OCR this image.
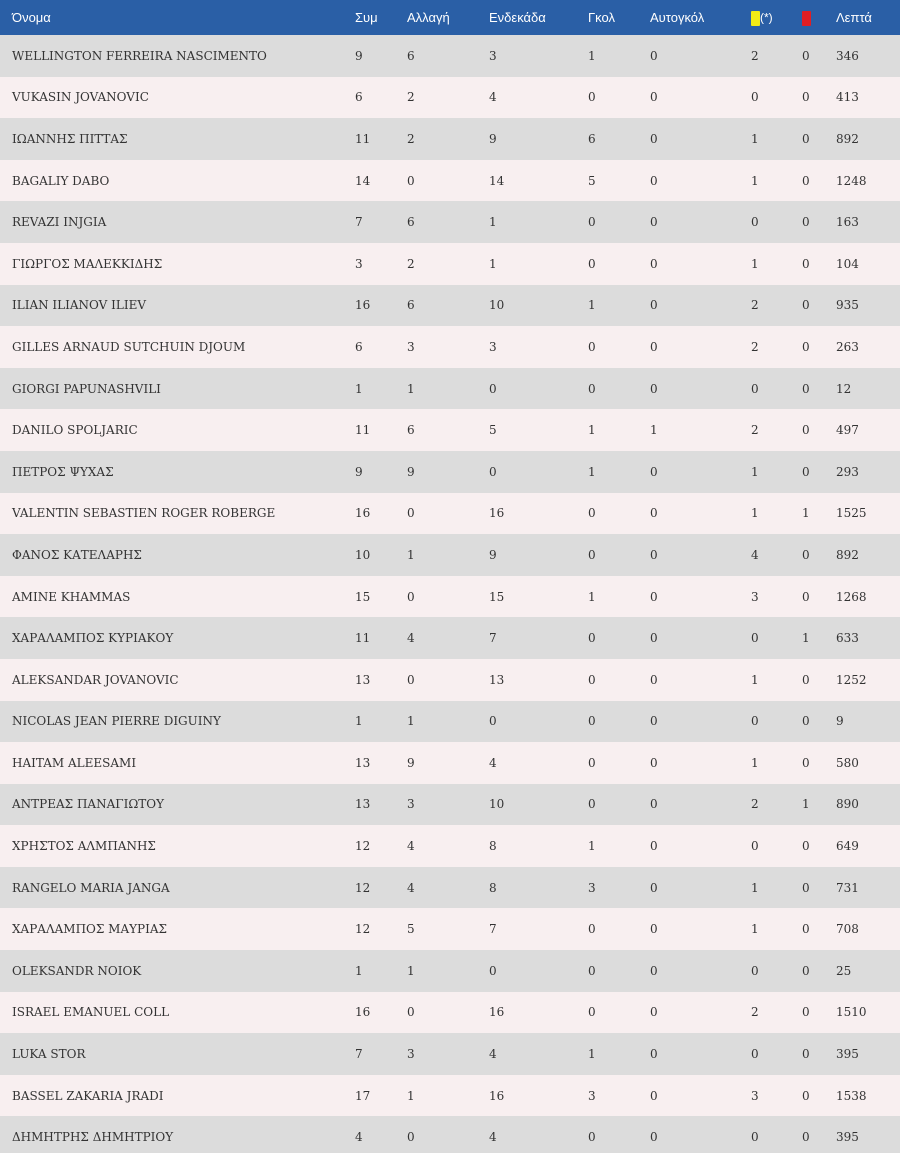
Όνομα	Συμ	Αλλαγή	Ενδεκάδα	Γκολ	Αυτογκόλ	(*)		Λεπτά
WELLINGTON FERREIRA NASCIMENTO	9	6	3	1	0	2	0	346
VUKASIN JOVANOVIC	6	2	4	0	0	0	0	413
ΙΩΑΝΝΗΣ ΠΙΤΤΑΣ	11	2	9	6	0	1	0	892
BAGALIY DABO	14	0	14	5	0	1	0	1248
REVAZI INJGIA	7	6	1	0	0	0	0	163
ΓΙΩΡΓΟΣ ΜΑΛΕΚΚΙΔΗΣ	3	2	1	0	0	1	0	104
ILIAN ILIANOV ILIEV	16	6	10	1	0	2	0	935
GILLES ARNAUD SUTCHUIN DJOUM	6	3	3	0	0	2	0	263
GIORGI PAPUNASHVILI	1	1	0	0	0	0	0	12
DANILO SPOLJARIC	11	6	5	1	1	2	0	497
ΠΕΤΡΟΣ ΨΥΧΑΣ	9	9	0	1	0	1	0	293
VALENTIN SEBASTIEN ROGER ROBERGE	16	0	16	0	0	1	1	1525
ΦΑΝΟΣ ΚΑΤΕΛΑΡΗΣ	10	1	9	0	0	4	0	892
AMINE KHAMMAS	15	0	15	1	0	3	0	1268
ΧΑΡΑΛΑΜΠΟΣ ΚΥΡΙΑΚΟΥ	11	4	7	0	0	0	1	633
ALEKSANDAR JOVANOVIC	13	0	13	0	0	1	0	1252
NICOLAS JEAN PIERRE DIGUINY	1	1	0	0	0	0	0	9
HAITAM ALEESAMI	13	9	4	0	0	1	0	580
ΑΝΤΡΕΑΣ ΠΑΝΑΓΙΩΤΟΥ	13	3	10	0	0	2	1	890
ΧΡΗΣΤΟΣ ΑΛΜΠΑΝΗΣ	12	4	8	1	0	0	0	649
RANGELO MARIA JANGA	12	4	8	3	0	1	0	731
ΧΑΡΑΛΑΜΠΟΣ ΜΑΥΡΙΑΣ	12	5	7	0	0	1	0	708
OLEKSANDR NOIOK	1	1	0	0	0	0	0	25
ISRAEL EMANUEL COLL	16	0	16	0	0	2	0	1510
LUKA STOR	7	3	4	1	0	0	0	395
BASSEL ZAKARIA JRADI	17	1	16	3	0	3	0	1538
ΔΗΜΗΤΡΗΣ ΔΗΜΗΤΡΙΟΥ	4	0	4	0	0	0	0	395
